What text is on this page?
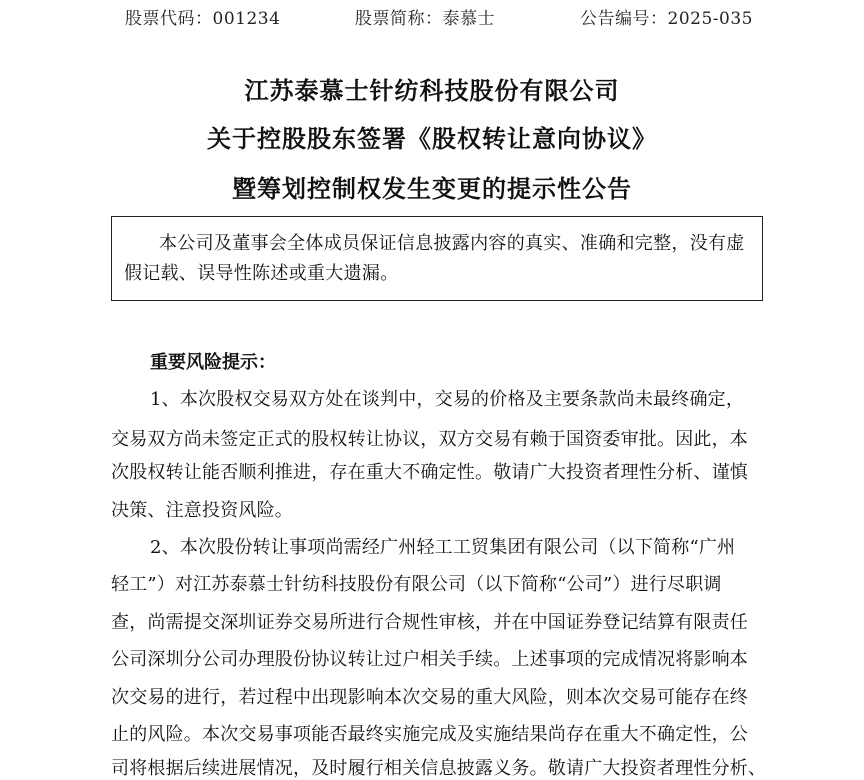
股票代码：001234	股票简称：泰慕士	公告编号：2025-035
江苏泰慕士针纺科技股份有限公司
关于控股股东签署《股权转让意向协议》
暨筹划控制权发生变更的提示性公告
本公司及董事会全体成员保证信息披露内容的真实、准确和完整，没有虚
假记载、误导性陈述或重大遗漏。
重要风险提示：
1、本次股权交易双方处在谈判中，交易的价格及主要条款尚未最终确定，
交易双方尚未签定正式的股权转让协议，双方交易有赖于国资委审批。因此，本
次股权转让能否顺利推进，存在重大不确定性。敬请广大投资者理性分析、谨慎
决策、注意投资风险。
2、本次股份转让事项尚需经广州轻工工贸集团有限公司（以下简称“广州
轻工”）对江苏泰慕士针纺科技股份有限公司（以下简称“公司”）进行尽职调
查，尚需提交深圳证券交易所进行合规性审核，并在中国证券登记结算有限责任
公司深圳分公司办理股份协议转让过户相关手续。上述事项的完成情况将影响本
次交易的进行，若过程中出现影响本次交易的重大风险，则本次交易可能存在终
止的风险。本次交易事项能否最终实施完成及实施结果尚存在重大不确定性，公
司将根据后续进展情况，及时履行相关信息披露义务。敬请广大投资者理性分析、
